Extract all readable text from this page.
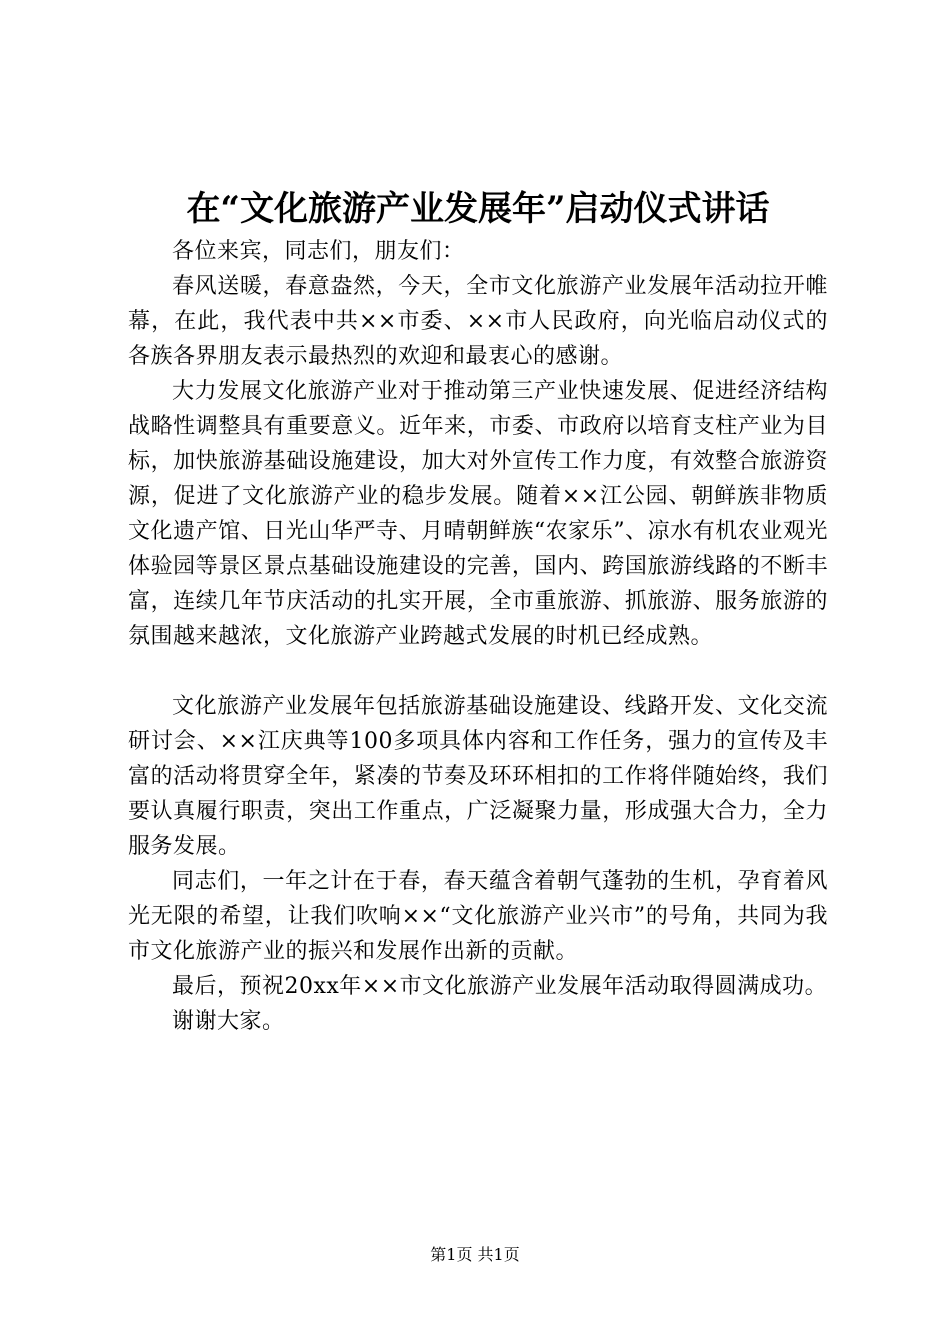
在“文化旅游产业发展年”启动仪式讲话

各位来宾，同志们，朋友们：

春风送暖，春意盎然，今天，全市文化旅游产业发展年活动拉开帷幕，在此，我代表中共××市委、××市人民政府，向光临启动仪式的各族各界朋友表示最热烈的欢迎和最衷心的感谢。

大力发展文化旅游产业对于推动第三产业快速发展、促进经济结构战略性调整具有重要意义。近年来，市委、市政府以培育支柱产业为目标，加快旅游基础设施建设，加大对外宣传工作力度，有效整合旅游资源，促进了文化旅游产业的稳步发展。随着××江公园、朝鲜族非物质文化遗产馆、日光山华严寺、月晴朝鲜族“农家乐”、凉水有机农业观光体验园等景区景点基础设施建设的完善，国内、跨国旅游线路的不断丰富，连续几年节庆活动的扎实开展，全市重旅游、抓旅游、服务旅游的氛围越来越浓，文化旅游产业跨越式发展的时机已经成熟。

文化旅游产业发展年包括旅游基础设施建设、线路开发、文化交流研讨会、××江庆典等100多项具体内容和工作任务，强力的宣传及丰富的活动将贯穿全年，紧凑的节奏及环环相扣的工作将伴随始终，我们要认真履行职责，突出工作重点，广泛凝聚力量，形成强大合力，全力服务发展。

同志们，一年之计在于春，春天蕴含着朝气蓬勃的生机，孕育着风光无限的希望，让我们吹响××“文化旅游产业兴市”的号角，共同为我市文化旅游产业的振兴和发展作出新的贡献。

最后，预祝20xx年××市文化旅游产业发展年活动取得圆满成功。

谢谢大家。

第1页 共1页
